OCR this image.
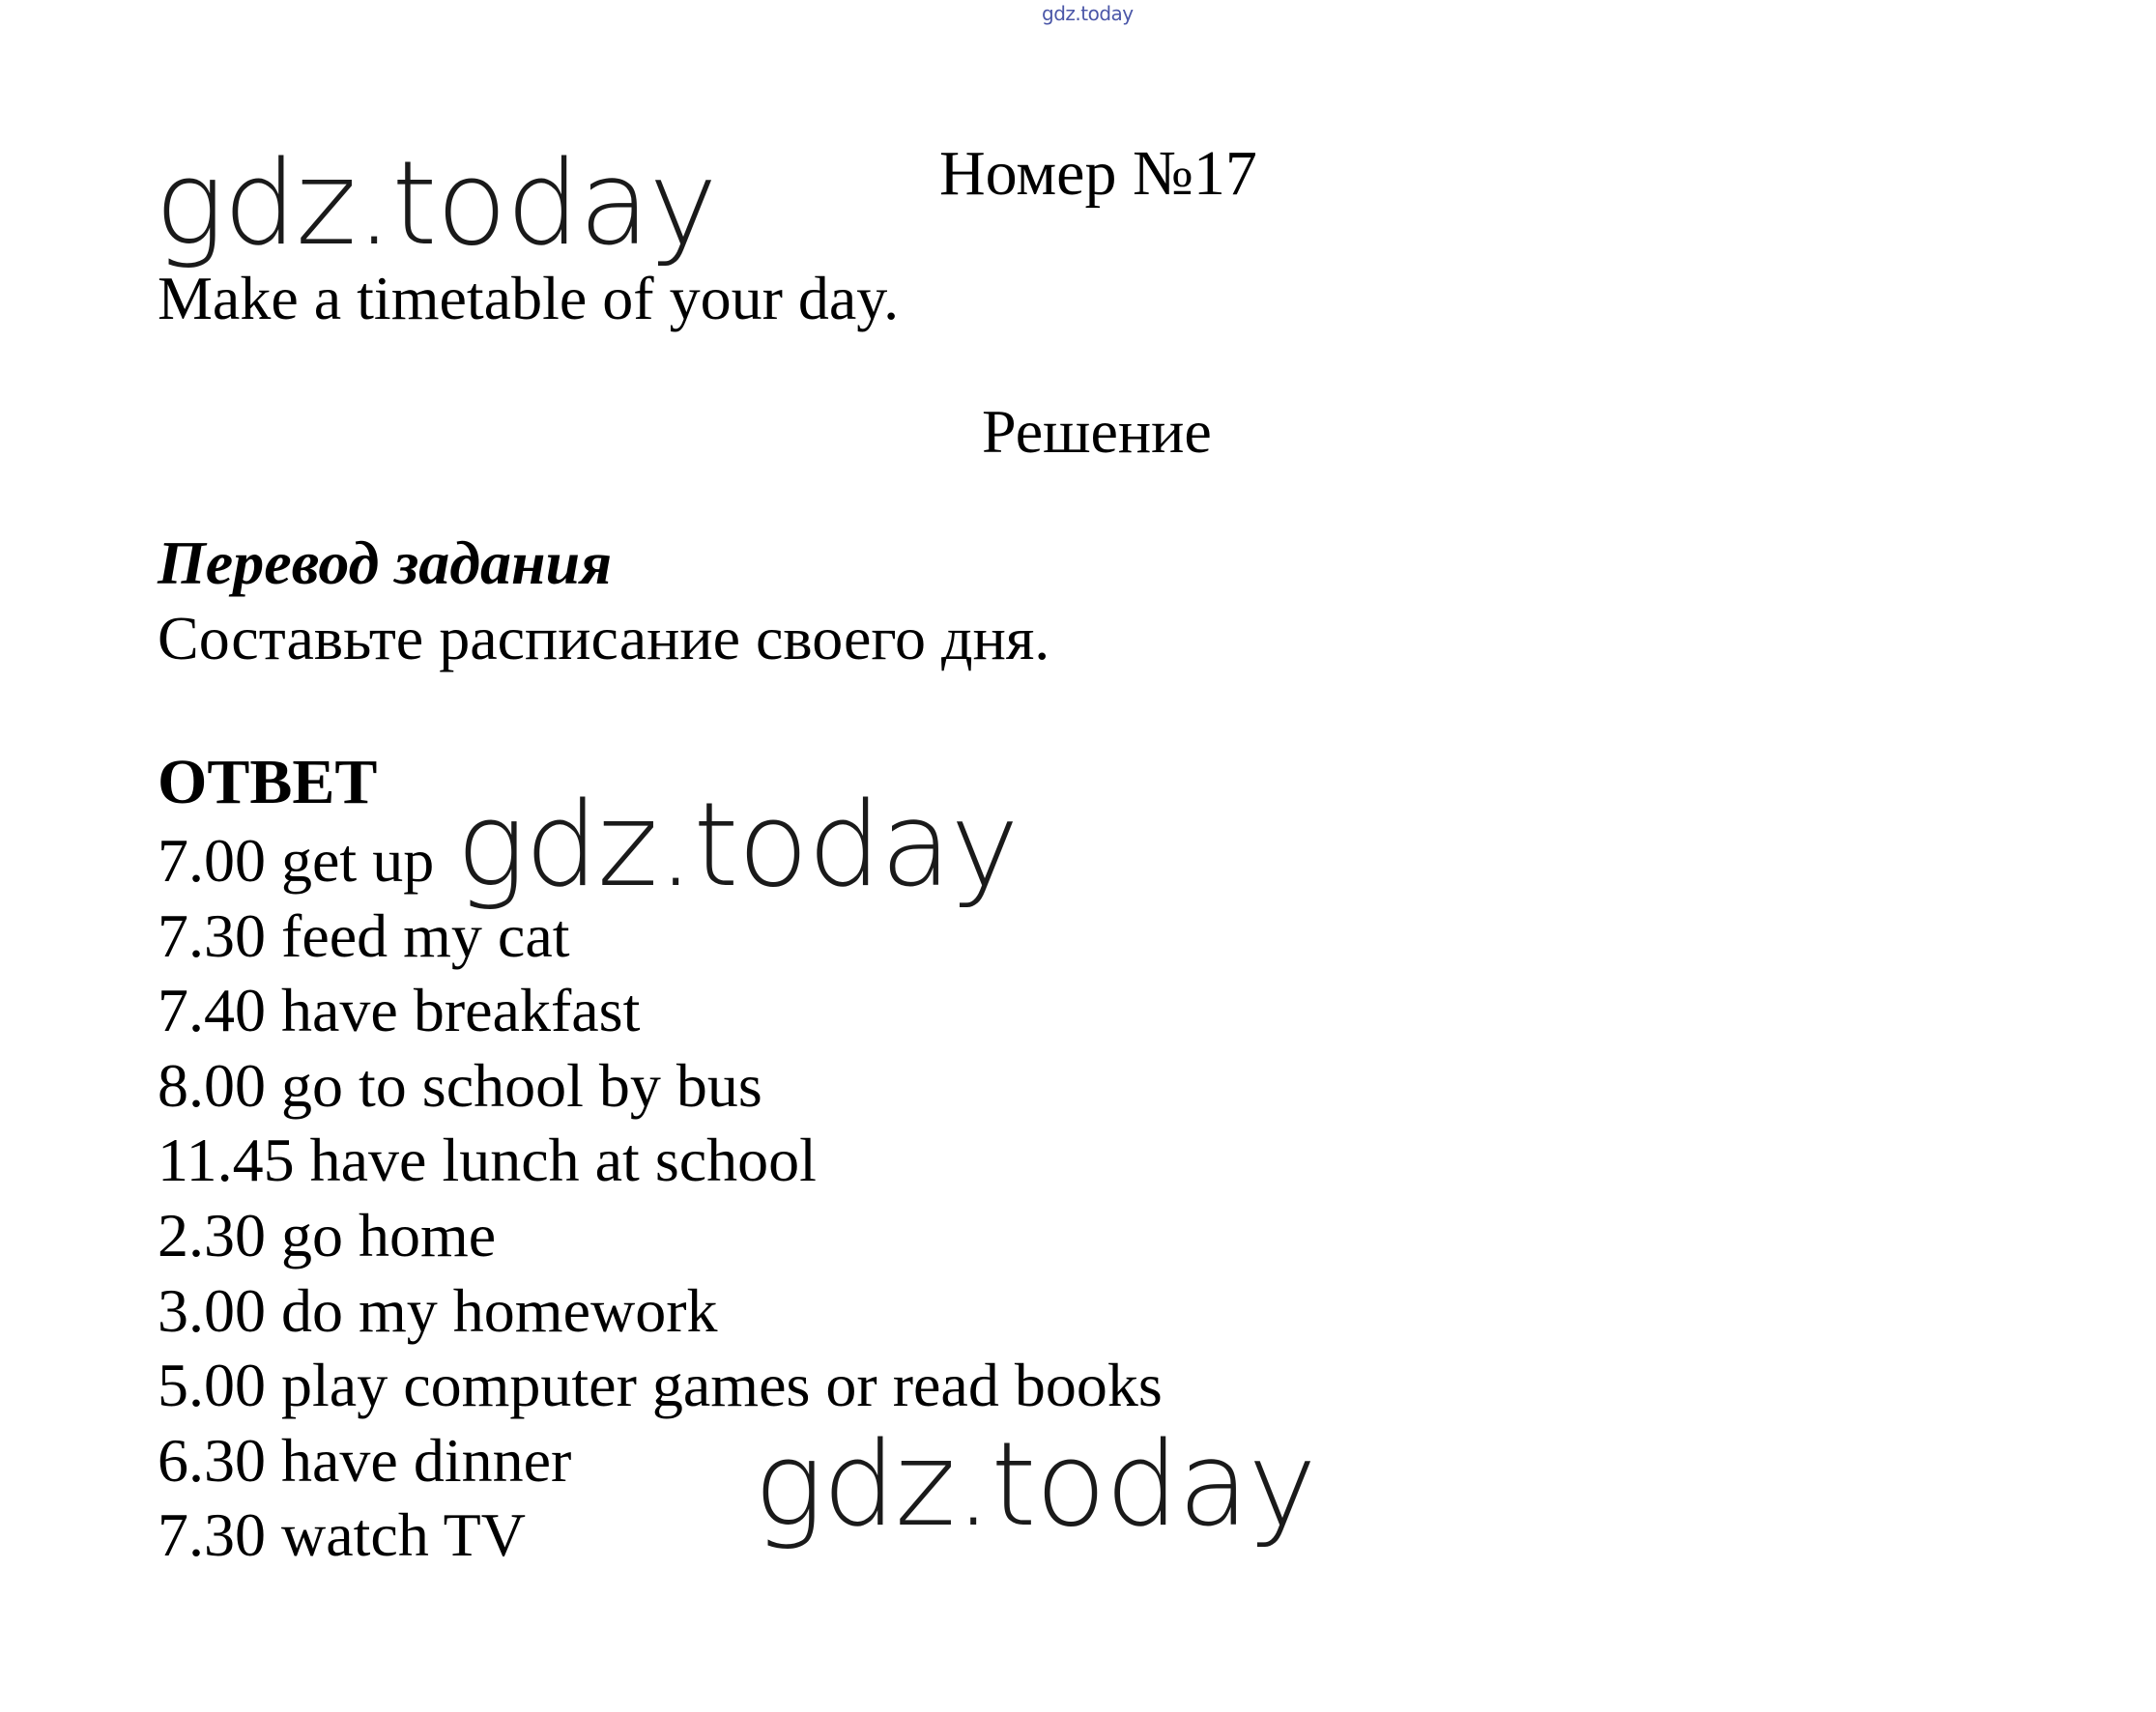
gdz.today
Номер №17
Make a timetable of your day.
Решение
Перевод задания
Составьте расписание своего дня.
ОТВЕТ
7.00 get up
7.30 feed my cat
7.40 have breakfast
8.00 go to school by bus
11.45 have lunch at school
2.30 go home
3.00 do my homework
5.00 play computer games or read books
6.30 have dinner
7.30 watch TV
gdz.today
gdz.today
gdz.today
